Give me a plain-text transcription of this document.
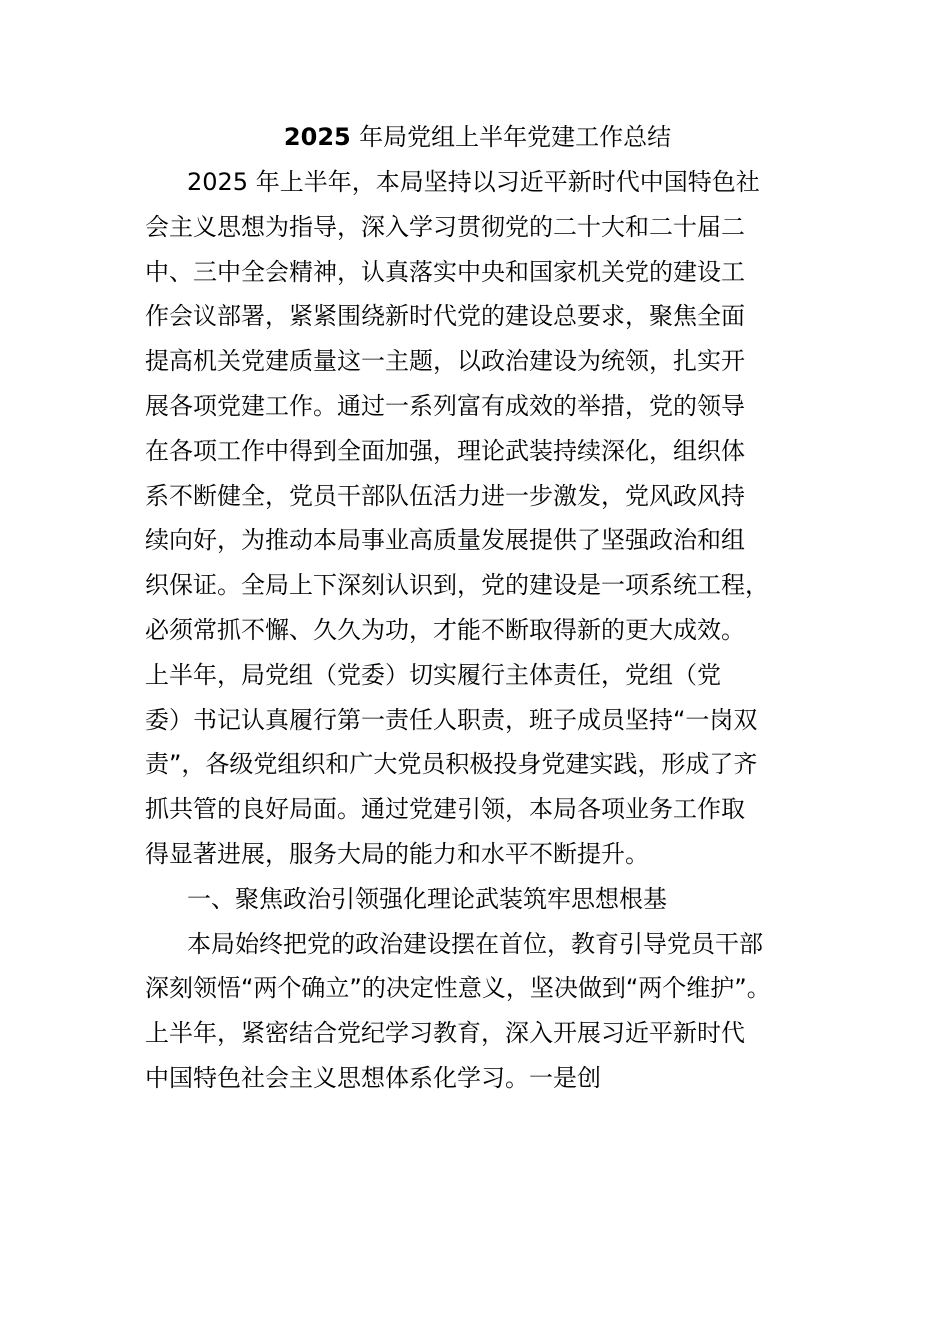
2025 年局党组上半年党建工作总结
2025 年上半年，本局坚持以习近平新时代中国特色社
会主义思想为指导，深入学习贯彻党的二十大和二十届二
中、三中全会精神，认真落实中央和国家机关党的建设工
作会议部署，紧紧围绕新时代党的建设总要求，聚焦全面
提高机关党建质量这一主题，以政治建设为统领，扎实开
展各项党建工作。通过一系列富有成效的举措，党的领导
在各项工作中得到全面加强，理论武装持续深化，组织体
系不断健全，党员干部队伍活力进一步激发，党风政风持
续向好，为推动本局事业高质量发展提供了坚强政治和组
织保证。全局上下深刻认识到，党的建设是一项系统工程，
必须常抓不懈、久久为功，才能不断取得新的更大成效。
上半年，局党组（党委）切实履行主体责任，党组（党
委）书记认真履行第一责任人职责，班子成员坚持“一岗双
责”，各级党组织和广大党员积极投身党建实践，形成了齐
抓共管的良好局面。通过党建引领，本局各项业务工作取
得显著进展，服务大局的能力和水平不断提升。
一、聚焦政治引领强化理论武装筑牢思想根基
本局始终把党的政治建设摆在首位，教育引导党员干部
深刻领悟“两个确立”的决定性意义，坚决做到“两个维护”。
上半年，紧密结合党纪学习教育，深入开展习近平新时代
中国特色社会主义思想体系化学习。一是创
